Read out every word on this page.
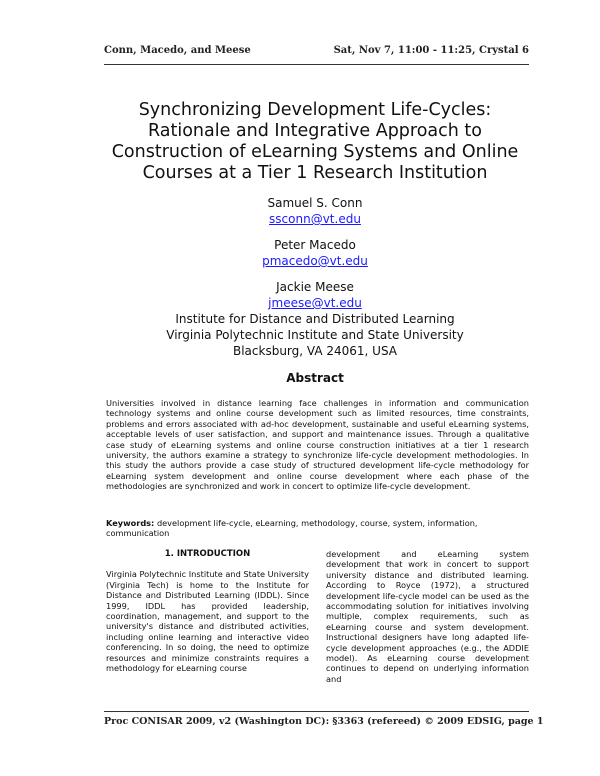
Conn, Macedo, and Meese	Sat, Nov 7, 11:00 - 11:25, Crystal 6
Synchronizing Development Life-Cycles:
Rationale and Integrative Approach to
Construction of eLearning Systems and Online
Courses at a Tier 1 Research Institution
Samuel S. Conn
ssconn@vt.edu
Peter Macedo
pmacedo@vt.edu
Jackie Meese
jmeese@vt.edu
Institute for Distance and Distributed Learning
Virginia Polytechnic Institute and State University
Blacksburg, VA 24061, USA
Abstract
Universities involved in distance learning face challenges in information and communication technology systems and online course development such as limited resources, time constraints, problems and errors associated with ad-hoc development, sustainable and useful eLearning systems, acceptable levels of user satisfaction, and support and maintenance issues. Through a qualitative case study of eLearning systems and online course construction initiatives at a tier 1 research university, the authors examine a strategy to synchronize life-cycle development methodologies. In this study the authors provide a case study of structured development life-cycle methodology for eLearning system development and online course development where each phase of the methodologies are synchronized and work in concert to optimize life-cycle development.
Keywords: development life-cycle, eLearning, methodology, course, system, information, communication
1. INTRODUCTION
Virginia Polytechnic Institute and State University (Virginia Tech) is home to the Institute for Distance and Distributed Learning (IDDL). Since 1999, IDDL has provided leadership, coordination, management, and support to the university's distance and distributed activities, including online learning and interactive video conferencing. In so doing, the need to optimize resources and minimize constraints requires a methodology for eLearning course
development and eLearning system development that work in concert to support university distance and distributed learning. According to Royce (1972), a structured development life-cycle model can be used as the accommodating solution for initiatives involving multiple, complex requirements, such as eLearning course and system development. Instructional designers have long adapted life-cycle development approaches (e.g., the ADDIE model). As eLearning course development continues to depend on underlying information and
Proc CONISAR 2009, v2 (Washington DC): §3363 (refereed) © 2009 EDSIG, page 1
